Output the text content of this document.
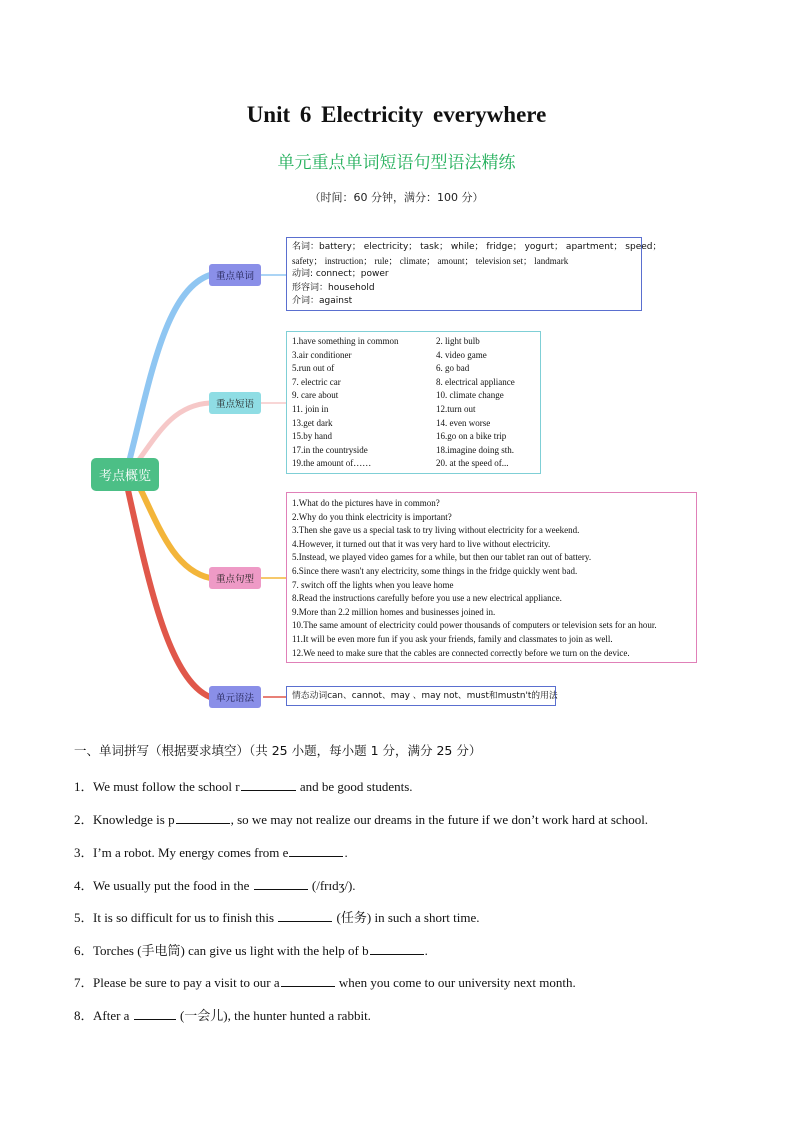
Unit 6 Electricity everywhere
单元重点单词短语句型语法精练
（时间：60 分钟，满分：100 分）
考点概览
重点单词
重点短语
重点句型
单元语法
名词：battery； electricity； task； while； fridge； yogurt； apartment； speed；
safety； instruction； rule； climate； amount； television set； landmark
动词: connect；power
形容词：household
介词：against
1.have something in common	2. light bulb
3.air conditioner	4. video game
5.run out of	6. go bad
7. electric car	8. electrical appliance
9. care about	10. climate change
11. join in	12.turn out
13.get dark	14. even worse
15.by hand	16.go on a bike trip
17.in the countryside	18.imagine doing sth.
19.the amount of……	20. at the speed of...
1.What do the pictures have in common?
2.Why do you think electricity is important?
3.Then she gave us a special task to try living without electricity for a weekend.
4.However, it turned out that it was very hard to live without electricity.
5.Instead, we played video games for a while, but then our tablet ran out of battery.
6.Since there wasn't any electricity, some things in the fridge quickly went bad.
7. switch off the lights when you leave home
8.Read the instructions carefully before you use a new electrical appliance.
9.More than 2.2 million homes and businesses joined in.
10.The same amount of electricity could power thousands of computers or television sets for an hour.
11.It will be even more fun if you ask your friends, family and classmates to join as well.
12.We need to make sure that the cables are connected correctly before we turn on the device.
情态动词can、cannot、may 、may not、must和mustn't的用法
一、单词拼写（根据要求填空）（共 25 小题，每小题 1 分，满分 25 分）
1．We must follow the school r	and be good students.
2．Knowledge is p	, so we may not realize our dreams in the future if we don’t work hard at school.
3．I’m a robot. My energy comes from e	.
4．We usually put the food in the	(/frɪdʒ/).
5．It is so difficult for us to finish this	(任务) in such a short time.
6．Torches (手电筒) can give us light with the help of b	.
7．Please be sure to pay a visit to our a	when you come to our university next month.
8．After a	(一会儿), the hunter hunted a rabbit.
